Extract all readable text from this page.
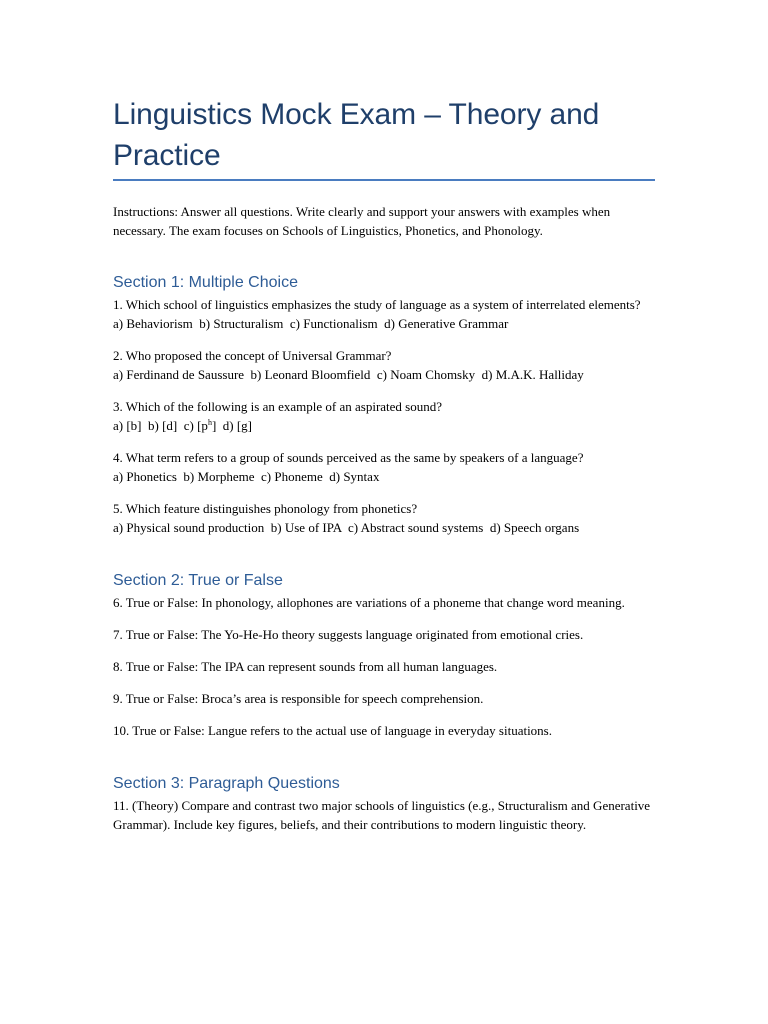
Linguistics Mock Exam – Theory and Practice

Instructions: Answer all questions. Write clearly and support your answers with examples when necessary. The exam focuses on Schools of Linguistics, Phonetics, and Phonology.

Section 1: Multiple Choice

1. Which school of linguistics emphasizes the study of language as a system of interrelated elements?

a) Behaviorism  b) Structuralism  c) Functionalism  d) Generative Grammar

2. Who proposed the concept of Universal Grammar?

a) Ferdinand de Saussure  b) Leonard Bloomfield  c) Noam Chomsky  d) M.A.K. Halliday

3. Which of the following is an example of an aspirated sound?

a) [b]  b) [d]  c) $[p^h]$  d) [g]

4. What term refers to a group of sounds perceived as the same by speakers of a language?

a) Phonetics  b) Morpheme  c) Phoneme  d) Syntax

5. Which feature distinguishes phonology from phonetics?

a) Physical sound production  b) Use of IPA  c) Abstract sound systems  d) Speech organs

Section 2: True or False

6. True or False: In phonology, allophones are variations of a phoneme that change word meaning.

7. True or False: The Yo-He-Ho theory suggests language originated from emotional cries.

8. True or False: The IPA can represent sounds from all human languages.

9. True or False: Broca’s area is responsible for speech comprehension.

10. True or False: Langue refers to the actual use of language in everyday situations.

Section 3: Paragraph Questions

11. (Theory) Compare and contrast two major schools of linguistics (e.g., Structuralism and Generative Grammar). Include key figures, beliefs, and their contributions to modern linguistic theory.
